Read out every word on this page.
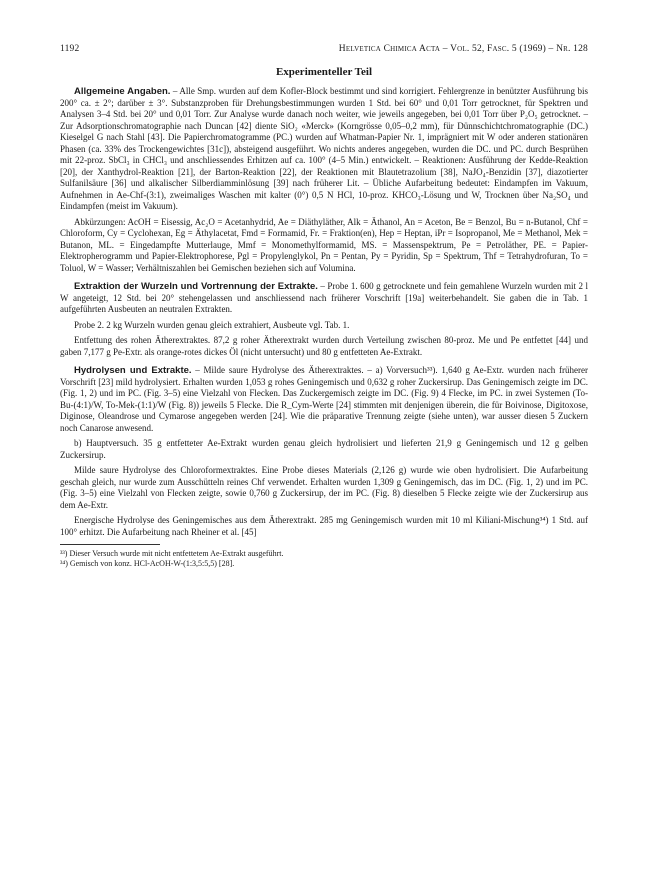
1192	Helvetica Chimica Acta – Vol. 52, Fasc. 5 (1969) – Nr. 128
Experimenteller Teil

Allgemeine Angaben. – Alle Smp. wurden auf dem Kofler-Block bestimmt und sind korrigiert. Fehlergrenze in benützter Ausführung bis 200° ca. ± 2°; darüber ± 3°. Substanzproben für Drehungsbestimmungen wurden 1 Std. bei 60° und 0,01 Torr getrocknet, für Spektren und Analysen 3–4 Std. bei 20° und 0,01 Torr. Zur Analyse wurde danach noch weiter, wie jeweils angegeben, bei 0,01 Torr über P₂O₅ getrocknet. – Zur Adsorptionschromatographie nach Duncan [42] diente SiO₂ «Merck» (Korngrösse 0,05–0,2 mm), für Dünnschichtchromatographie (DC.) Kieselgel G nach Stahl [43]. Die Papierchromatogramme (PC.) wurden auf Whatman-Papier Nr. 1, imprägniert mit W oder anderen stationären Phasen (ca. 33% des Trockengewichtes [31c]), absteigend ausgeführt. Wo nichts anderes angegeben, wurden die DC. und PC. durch Besprühen mit 22-proz. SbCl₃ in CHCl₃ und anschliessendes Erhitzen auf ca. 100° (4–5 Min.) entwickelt. – Reaktionen: Ausführung der Kedde-Reaktion [20], der Xanthydrol-Reaktion [21], der Barton-Reaktion [22], der Reaktionen mit Blautetrazolium [38], NaJO₄-Benzidin [37], diazotierter Sulfanilsäure [36] und alkalischer Silberdiamminlösung [39] nach früherer Lit. – Übliche Aufarbeitung bedeutet: Eindampfen im Vakuum, Aufnehmen in Ae-Chf-(3:1), zweimaliges Waschen mit kalter (0°) 0,5 N HCl, 10-proz. KHCO₃-Lösung und W, Trocknen über Na₂SO₄ und Eindampfen (meist im Vakuum).

Abkürzungen: AcOH = Eisessig, Ac₂O = Acetanhydrid, Ae = Diäthyläther, Alk = Äthanol, An = Aceton, Be = Benzol, Bu = n-Butanol, Chf = Chloroform, Cy = Cyclohexan, Eg = Äthylacetat, Fmd = Formamid, Fr. = Fraktion(en), Hep = Heptan, iPr = Isopropanol, Me = Methanol, Mek = Butanon, ML. = Eingedampfte Mutterlauge, Mmf = Monomethylformamid, MS. = Massenspektrum, Pe = Petroläther, PE. = Papier-Elektropherogramm und Papier-Elektrophorese, Pgl = Propylenglykol, Pn = Pentan, Py = Pyridin, Sp = Spektrum, Thf = Tetrahydrofuran, To = Toluol, W = Wasser; Verhältniszahlen bei Gemischen beziehen sich auf Volumina.

Extraktion der Wurzeln und Vortrennung der Extrakte. – Probe 1. 600 g getrocknete und fein gemahlene Wurzeln wurden mit 2 l W angeteigt, 12 Std. bei 20° stehengelassen und anschliessend nach früherer Vorschrift [19a] weiterbehandelt. Sie gaben die in Tab. 1 aufgeführten Ausbeuten an neutralen Extrakten.

Probe 2. 2 kg Wurzeln wurden genau gleich extrahiert, Ausbeute vgl. Tab. 1.

Entfettung des rohen Ätherextraktes. 87,2 g roher Ätherextrakt wurden durch Verteilung zwischen 80-proz. Me und Pe entfettet [44] und gaben 7,177 g Pe-Extr. als orange-rotes dickes Öl (nicht untersucht) und 80 g entfetteten Ae-Extrakt.

Hydrolysen und Extrakte. – Milde saure Hydrolyse des Ätherextraktes. – a) Vorversuch³³). 1,640 g Ae-Extr. wurden nach früherer Vorschrift [23] mild hydrolysiert. Erhalten wurden 1,053 g rohes Geningemisch und 0,632 g roher Zuckersirup. Das Geningemisch zeigte im DC. (Fig. 1, 2) und im PC. (Fig. 3–5) eine Vielzahl von Flecken. Das Zuckergemisch zeigte im DC. (Fig. 9) 4 Flecke, im PC. in zwei Systemen (To-Bu-(4:1)/W, To-Mek-(1:1)/W (Fig. 8)) jeweils 5 Flecke. Die R_Cym-Werte [24] stimmten mit denjenigen überein, die für Boivinose, Digitoxose, Diginose, Oleandrose und Cymarose angegeben werden [24]. Wie die präparative Trennung zeigte (siehe unten), war ausser diesen 5 Zuckern noch Canarose anwesend.

b) Hauptversuch. 35 g entfetteter Ae-Extrakt wurden genau gleich hydrolisiert und lieferten 21,9 g Geningemisch und 12 g gelben Zuckersirup.

Milde saure Hydrolyse des Chloroformextraktes. Eine Probe dieses Materials (2,126 g) wurde wie oben hydrolisiert. Die Aufarbeitung geschah gleich, nur wurde zum Ausschütteln reines Chf verwendet. Erhalten wurden 1,309 g Geningemisch, das im DC. (Fig. 1, 2) und im PC. (Fig. 3–5) eine Vielzahl von Flecken zeigte, sowie 0,760 g Zuckersirup, der im PC. (Fig. 8) dieselben 5 Flecke zeigte wie der Zuckersirup aus dem Ae-Extr.

Energische Hydrolyse des Geningemisches aus dem Ätherextrakt. 285 mg Geningemisch wurden mit 10 ml Kiliani-Mischung³⁴) 1 Std. auf 100° erhitzt. Die Aufarbeitung nach Rheiner et al. [45]

³³) Dieser Versuch wurde mit nicht entfettetem Ae-Extrakt ausgeführt.

³⁴) Gemisch von konz. HCl-AcOH-W-(1:3,5:5,5) [28].
